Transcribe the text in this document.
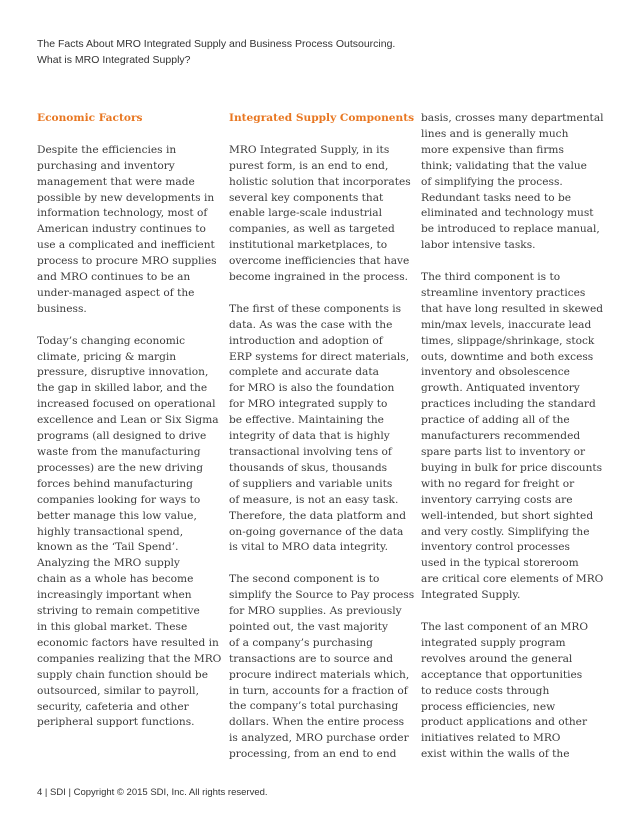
The Facts About MRO Integrated Supply and Business Process Outsourcing.
What is MRO Integrated Supply?
Economic Factors
Despite the efficiencies in
purchasing and inventory
management that were made
possible by new developments in
information technology, most of
American industry continues to
use a complicated and inefficient
process to procure MRO supplies
and MRO continues to be an
under-managed aspect of the
business.
Today’s changing economic
climate, pricing & margin
pressure, disruptive innovation,
the gap in skilled labor, and the
increased focused on operational
excellence and Lean or Six Sigma
programs (all designed to drive
waste from the manufacturing
processes) are the new driving
forces behind manufacturing
companies looking for ways to
better manage this low value,
highly transactional spend,
known as the ‘Tail Spend’.
Analyzing the MRO supply
chain as a whole has become
increasingly important when
striving to remain competitive
in this global market. These
economic factors have resulted in
companies realizing that the MRO
supply chain function should be
outsourced, similar to payroll,
security, cafeteria and other
peripheral support functions.
Integrated Supply Components
MRO Integrated Supply, in its
purest form, is an end to end,
holistic solution that incorporates
several key components that
enable large-scale industrial
companies, as well as targeted
institutional marketplaces, to
overcome inefficiencies that have
become ingrained in the process.
The first of these components is
data. As was the case with the
introduction and adoption of
ERP systems for direct materials,
complete and accurate data
for MRO is also the foundation
for MRO integrated supply to
be effective. Maintaining the
integrity of data that is highly
transactional involving tens of
thousands of skus, thousands
of suppliers and variable units
of measure, is not an easy task.
Therefore, the data platform and
on-going governance of the data
is vital to MRO data integrity.
The second component is to
simplify the Source to Pay process
for MRO supplies. As previously
pointed out, the vast majority
of a company’s purchasing
transactions are to source and
procure indirect materials which,
in turn, accounts for a fraction of
the company’s total purchasing
dollars. When the entire process
is analyzed, MRO purchase order
processing, from an end to end
basis, crosses many departmental
lines and is generally much
more expensive than firms
think; validating that the value
of simplifying the process.
Redundant tasks need to be
eliminated and technology must
be introduced to replace manual,
labor intensive tasks.
The third component is to
streamline inventory practices
that have long resulted in skewed
min/max levels, inaccurate lead
times, slippage/shrinkage, stock
outs, downtime and both excess
inventory and obsolescence
growth. Antiquated inventory
practices including the standard
practice of adding all of the
manufacturers recommended
spare parts list to inventory or
buying in bulk for price discounts
with no regard for freight or
inventory carrying costs are
well-intended, but short sighted
and very costly. Simplifying the
inventory control processes
used in the typical storeroom
are critical core elements of MRO
Integrated Supply.
The last component of an MRO
integrated supply program
revolves around the general
acceptance that opportunities
to reduce costs through
process efficiencies, new
product applications and other
initiatives related to MRO
exist within the walls of the
4 | SDI | Copyright © 2015 SDI, Inc. All rights reserved.
